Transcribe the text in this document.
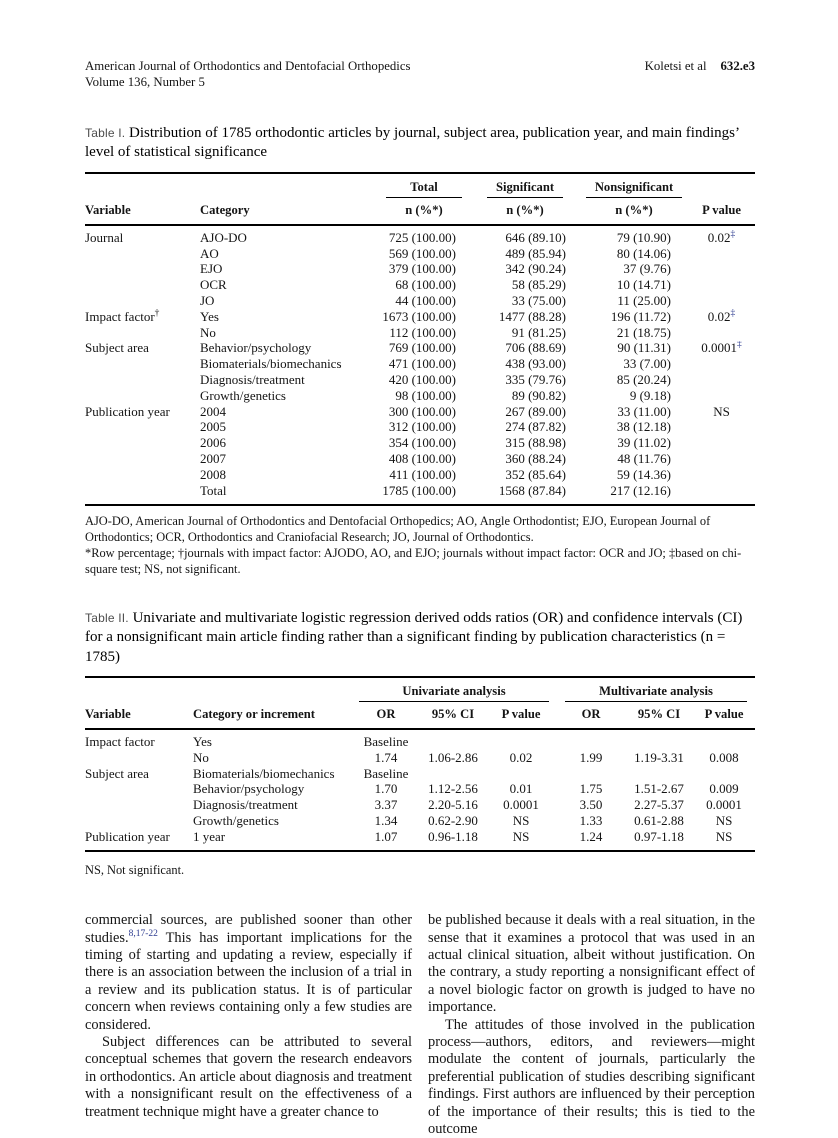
American Journal of Orthodontics and Dentofacial Orthopedics
Volume 136, Number 5
Koletsi et al 632.e3
Table I. Distribution of 1785 orthodontic articles by journal, subject area, publication year, and main findings’ level of statistical significance
		Total	Significant	Nonsignificant	
Variable	Category	n (%*)	n (%*)	n (%*)	P value
Journal	AJO-DO	725 (100.00)	646 (89.10)	79 (10.90)	0.02‡
	AO	569 (100.00)	489 (85.94)	80 (14.06)	
	EJO	379 (100.00)	342 (90.24)	37 (9.76)	
	OCR	68 (100.00)	58 (85.29)	10 (14.71)	
	JO	44 (100.00)	33 (75.00)	11 (25.00)	
Impact factor†	Yes	1673 (100.00)	1477 (88.28)	196 (11.72)	0.02‡
	No	112 (100.00)	91 (81.25)	21 (18.75)	
Subject area	Behavior/psychology	769 (100.00)	706 (88.69)	90 (11.31)	0.0001‡
	Biomaterials/biomechanics	471 (100.00)	438 (93.00)	33 (7.00)	
	Diagnosis/treatment	420 (100.00)	335 (79.76)	85 (20.24)	
	Growth/genetics	98 (100.00)	89 (90.82)	9 (9.18)	
Publication year	2004	300 (100.00)	267 (89.00)	33 (11.00)	NS
	2005	312 (100.00)	274 (87.82)	38 (12.18)	
	2006	354 (100.00)	315 (88.98)	39 (11.02)	
	2007	408 (100.00)	360 (88.24)	48 (11.76)	
	2008	411 (100.00)	352 (85.64)	59 (14.36)	
	Total	1785 (100.00)	1568 (87.84)	217 (12.16)	
AJO-DO, American Journal of Orthodontics and Dentofacial Orthopedics; AO, Angle Orthodontist; EJO, European Journal of Orthodontics; OCR, Orthodontics and Craniofacial Research; JO, Journal of Orthodontics.
*Row percentage; †journals with impact factor: AJODO, AO, and EJO; journals without impact factor: OCR and JO; ‡based on chi-square test; NS, not significant.
Table II. Univariate and multivariate logistic regression derived odds ratios (OR) and confidence intervals (CI) for a nonsignificant main article finding rather than a significant finding by publication characteristics (n = 1785)

		Univariate analysis			Multivariate analysis		

Variable	Category or increment	OR	95% CI	P value	OR	95% CI	P value
Impact factor	Yes	Baseline					
	No	1.74	1.06-2.86	0.02	1.99	1.19-3.31	0.008
Subject area	Biomaterials/biomechanics	Baseline					
	Behavior/psychology	1.70	1.12-2.56	0.01	1.75	1.51-2.67	0.009
	Diagnosis/treatment	3.37	2.20-5.16	0.0001	3.50	2.27-5.37	0.0001
	Growth/genetics	1.34	0.62-2.90	NS	1.33	0.61-2.88	NS
Publication year	1 year	1.07	0.96-1.18	NS	1.24	0.97-1.18	NS
NS, Not significant.

commercial sources, are published sooner than other studies.$^{8,17-22}$ This has important implications for the timing of starting and updating a review, especially if there is an association between the inclusion of a trial in a review and its publication status. It is of particular concern when reviews containing only a few studies are considered.

Subject differences can be attributed to several conceptual schemes that govern the research endeavors in orthodontics. An article about diagnosis and treatment with a nonsignificant result on the effectiveness of a treatment technique might have a greater chance to

be published because it deals with a real situation, in the sense that it examines a protocol that was used in an actual clinical situation, albeit without justification. On the contrary, a study reporting a nonsignificant effect of a novel biologic factor on growth is judged to have no importance.

The attitudes of those involved in the publication process—authors, editors, and reviewers—might modulate the content of journals, particularly the preferential publication of studies describing significant findings. First authors are influenced by their perception of the importance of their results; this is tied to the outcome
